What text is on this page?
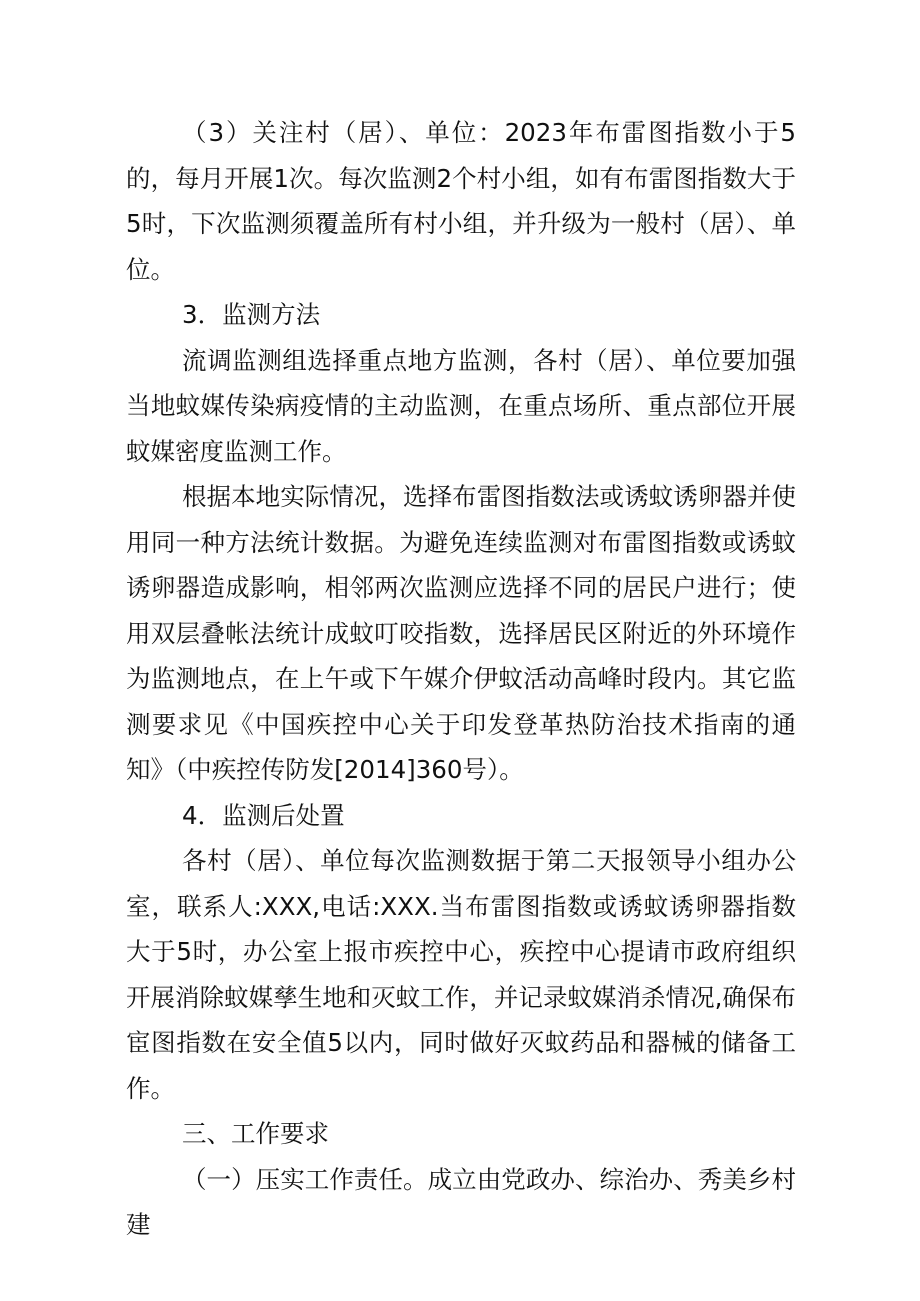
（3）关注村（居）、单位：2023年布雷图指数小于5的，每月开展1次。每次监测2个村小组，如有布雷图指数大于5时，下次监测须覆盖所有村小组，并升级为一般村（居）、单位。

3．监测方法

流调监测组选择重点地方监测，各村（居）、单位要加强当地蚊媒传染病疫情的主动监测，在重点场所、重点部位开展蚊媒密度监测工作。

根据本地实际情况，选择布雷图指数法或诱蚊诱卵器并使用同一种方法统计数据。为避免连续监测对布雷图指数或诱蚊诱卵器造成影响，相邻两次监测应选择不同的居民户进行；使用双层叠帐法统计成蚊叮咬指数，选择居民区附近的外环境作为监测地点，在上午或下午媒介伊蚊活动高峰时段内。其它监测要求见《中国疾控中心关于印发登革热防治技术指南的通知》（中疾控传防发[2014]360号）。

4．监测后处置

各村（居）、单位每次监测数据于第二天报领导小组办公室，联系人:XXX,电话:XXX.当布雷图指数或诱蚊诱卵器指数大于5时，办公室上报市疾控中心，疾控中心提请市政府组织开展消除蚊媒孳生地和灭蚊工作，并记录蚊媒消杀情况,确保布宦图指数在安全值5以内，同时做好灭蚊药品和器械的储备工作。

三、工作要求

（一）压实工作责任。成立由党政办、综治办、秀美乡村建
